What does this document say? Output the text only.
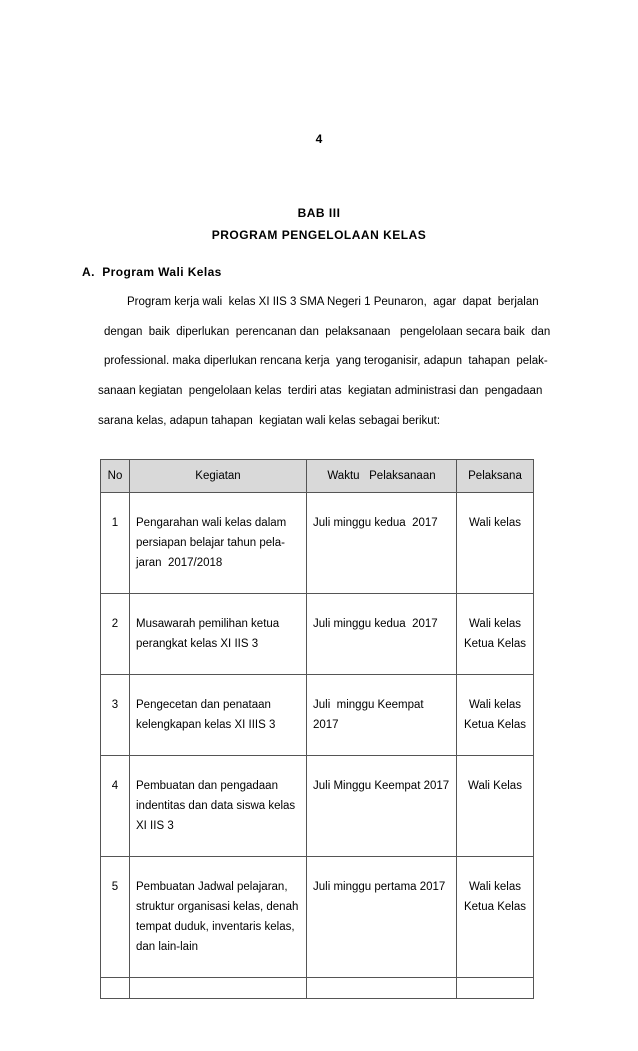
4
BAB III
PROGRAM PENGELOLAAN KELAS
A.  Program Wali Kelas
Program kerja wali  kelas XI IIS 3 SMA Negeri 1 Peunaron,  agar  dapat  berjalan
dengan  baik  diperlukan  perencanan dan  pelaksanaan   pengelolaan secara baik  dan
professional. maka diperlukan rencana kerja  yang teroganisir, adapun  tahapan  pelak-
sanaan kegiatan  pengelolaan kelas  terdiri atas  kegiatan administrasi dan  pengadaan
sarana kelas, adapun tahapan  kegiatan wali kelas sebagai berikut:
No	Kegiatan	Waktu   Pelaksanaan	Pelaksana

1	Pengarahan wali kelas dalam
persiapan belajar tahun pela-
jaran  2017/2018	Juli minggu kedua  2017	Wali kelas

2	Musawarah pemilihan ketua
perangkat kelas XI IIS 3	Juli minggu kedua  2017	Wali kelas
Ketua Kelas

3	Pengecetan dan penataan
kelengkapan kelas XI IIIS 3	Juli  minggu Keempat
2017	Wali kelas
Ketua Kelas

4	Pembuatan dan pengadaan
indentitas dan data siswa kelas
XI IIS 3	Juli Minggu Keempat 2017	Wali Kelas

5	Pembuatan Jadwal pelajaran,
struktur organisasi kelas, denah
tempat duduk, inventaris kelas,
dan lain-lain	Juli minggu pertama 2017	Wali kelas
Ketua Kelas
